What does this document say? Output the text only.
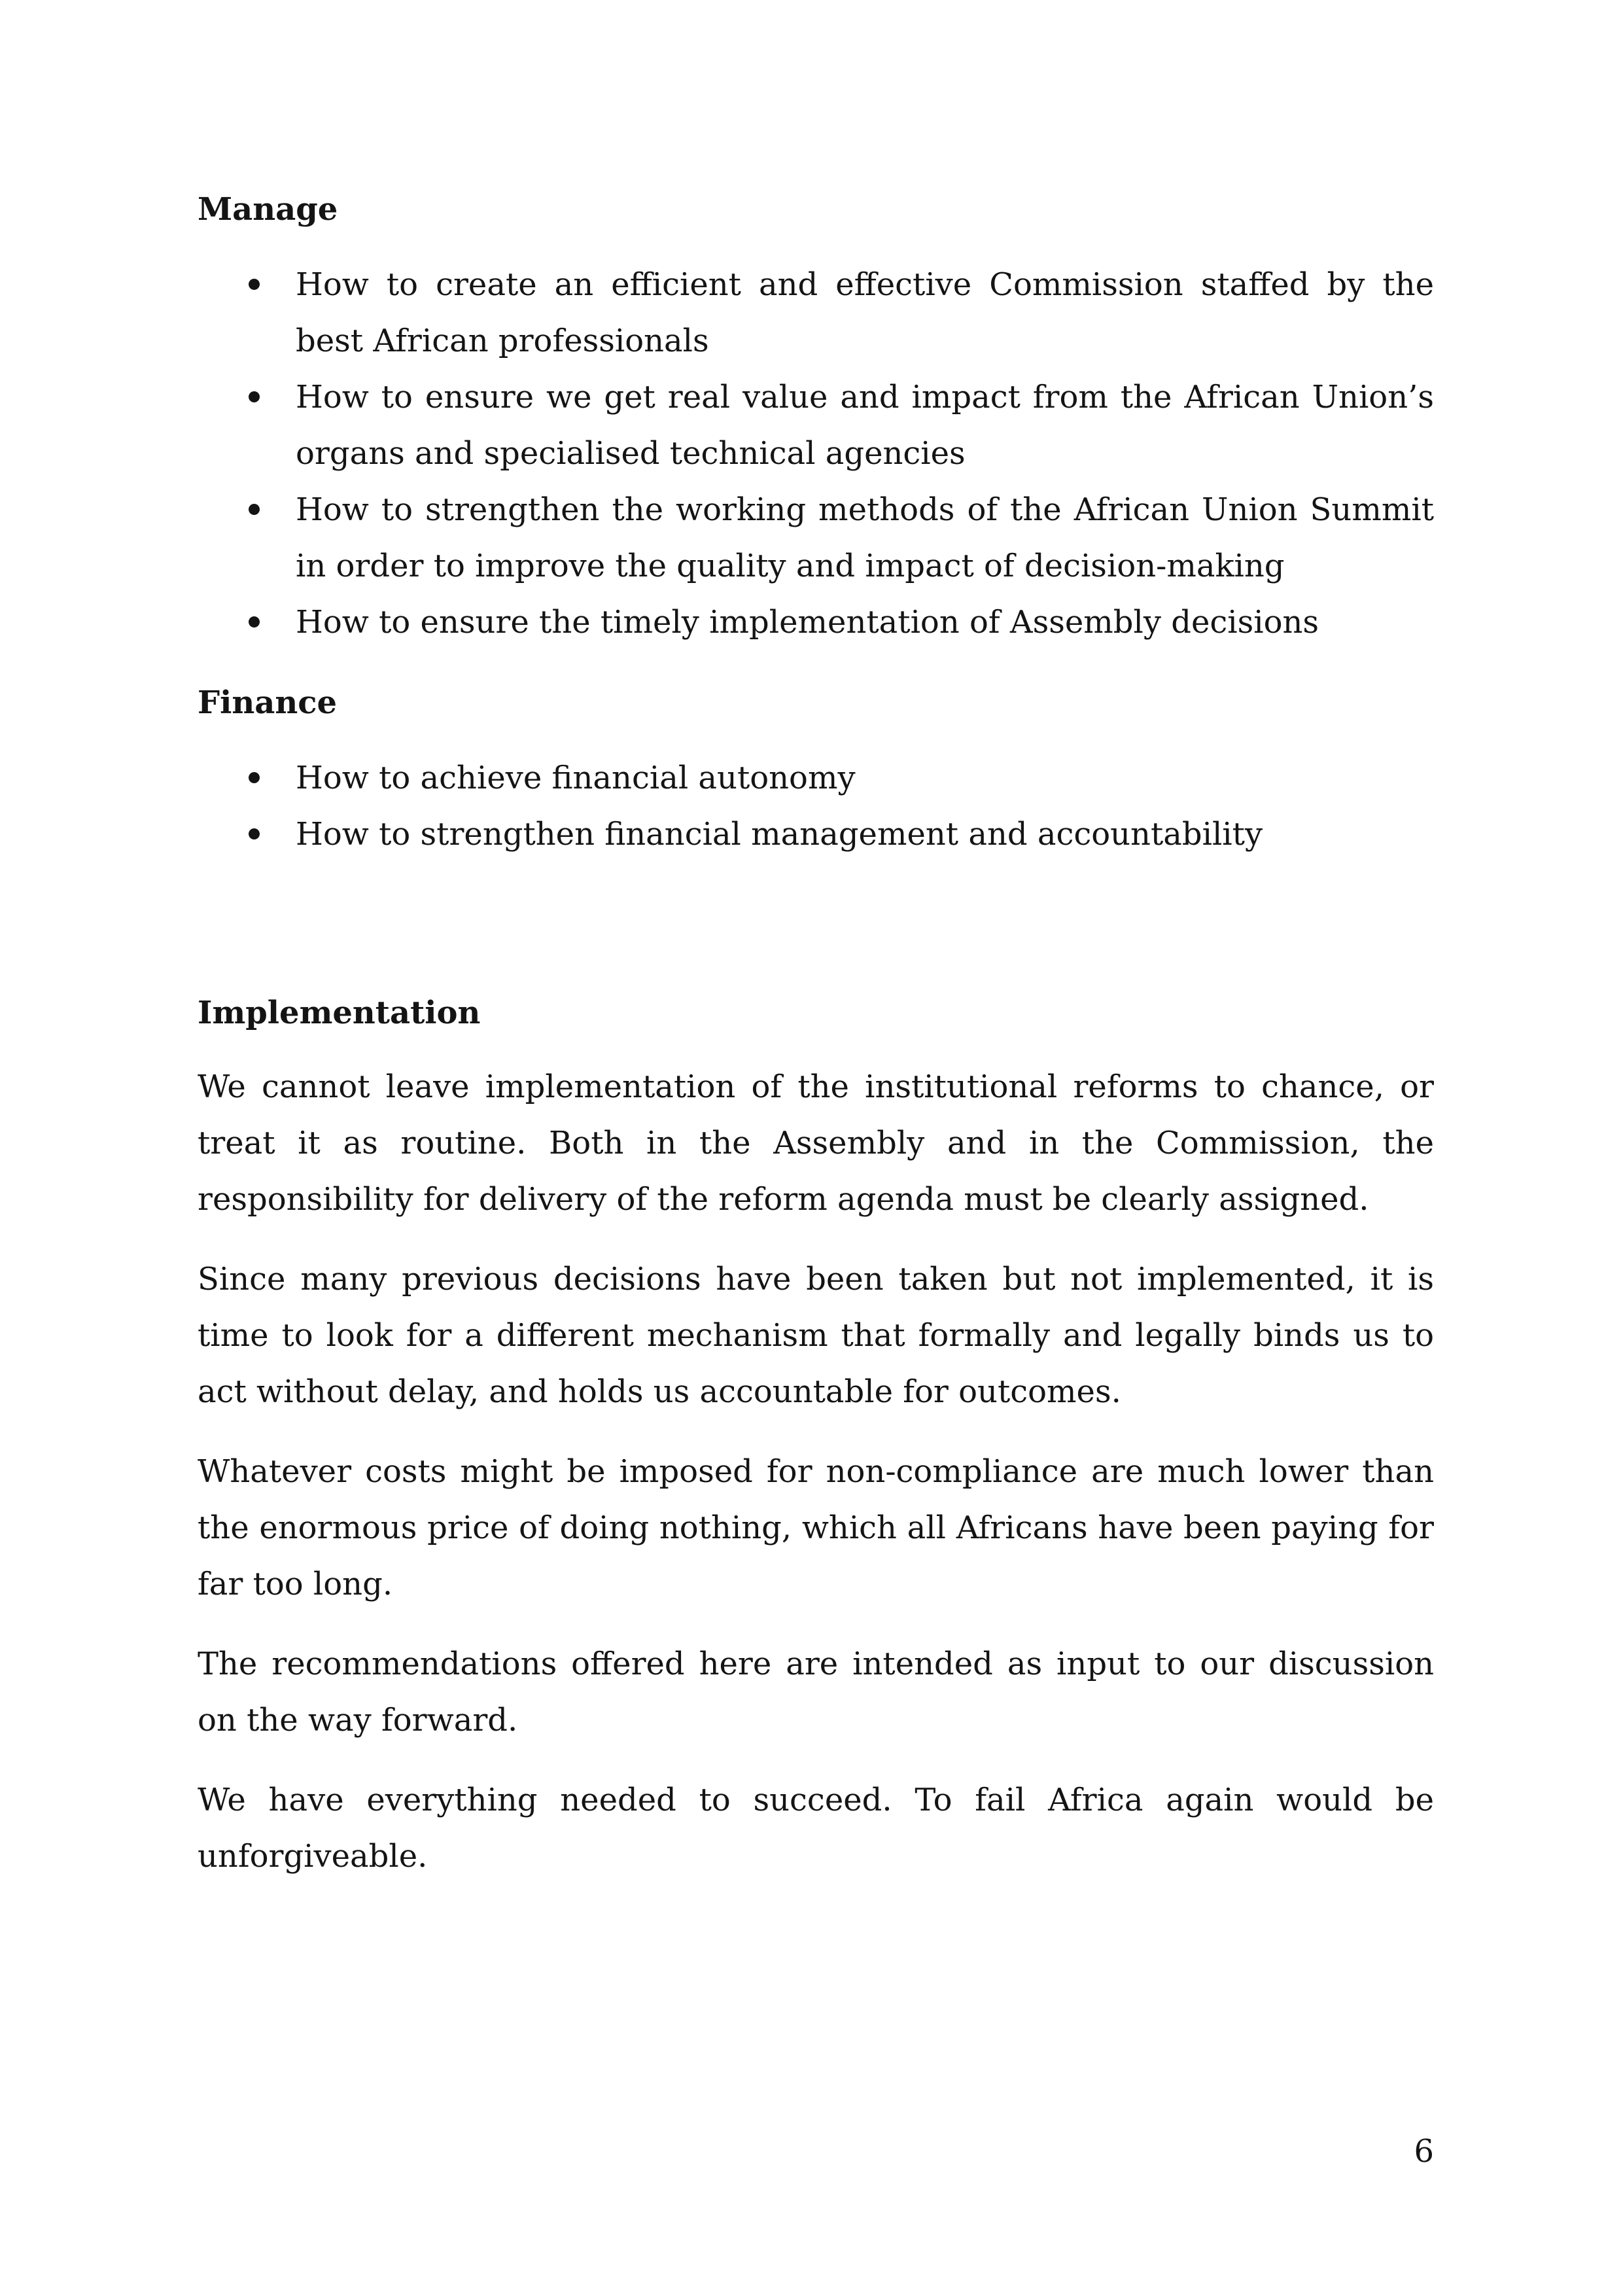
Manage
How to create an efficient and effective Commission staffed by the best African professionals
How to ensure we get real value and impact from the African Union’s organs and specialised technical agencies
How to strengthen the working methods of the African Union Summit in order to improve the quality and impact of decision-making
How to ensure the timely implementation of Assembly decisions
Finance
How to achieve financial autonomy
How to strengthen financial management and accountability
Implementation

We cannot leave implementation of the institutional reforms to chance, or treat it as routine. Both in the Assembly and in the Commission, the responsibility for delivery of the reform agenda must be clearly assigned.

Since many previous decisions have been taken but not implemented, it is time to look for a different mechanism that formally and legally binds us to act without delay, and holds us accountable for outcomes.

Whatever costs might be imposed for non-compliance are much lower than the enormous price of doing nothing, which all Africans have been paying for far too long.

The recommendations offered here are intended as input to our discussion on the way forward.

We have everything needed to succeed. To fail Africa again would be unforgiveable.

6
